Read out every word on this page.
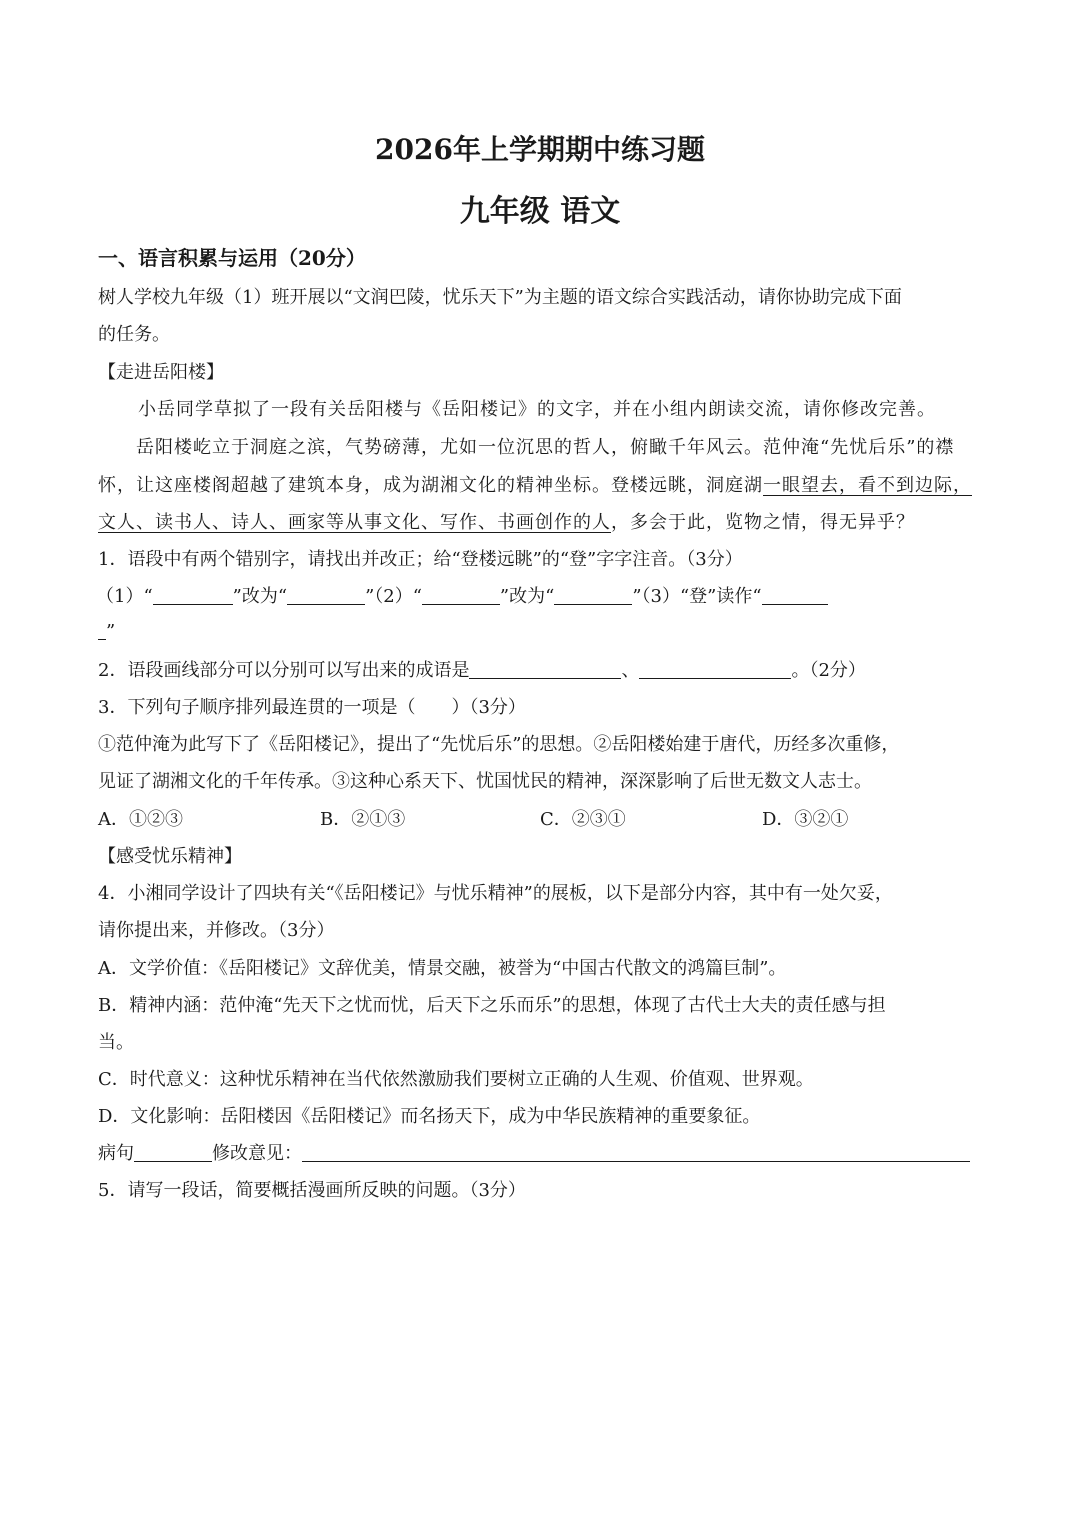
2026年上学期期中练习题
九年级 语文
一、语言积累与运用（20分）
树人学校九年级（1）班开展以“文润巴陵，忧乐天下”为主题的语文综合实践活动，请你协助完成下面
的任务。
【走进岳阳楼】
小岳同学草拟了一段有关岳阳楼与《岳阳楼记》的文字，并在小组内朗读交流，请你修改完善。
岳阳楼屹立于洞庭之滨，气势磅薄，尤如一位沉思的哲人，俯瞰千年风云。范仲淹“先忧后乐”的襟
怀，让这座楼阁超越了建筑本身，成为湖湘文化的精神坐标。登楼远眺，洞庭湖一眼望去，看不到边际，
文人、读书人、诗人、画家等从事文化、写作、书画创作的人，多会于此，览物之情，得无异乎？
1．语段中有两个错别字，请找出并改正；给“登楼远眺”的“登”字字注音。（3分）
（1）“	”改为“	”（2）“	”改为“	”（3）“登”读作“
”
2．语段画线部分可以分别可以写出来的成语是	、	。（2分）
3．下列句子顺序排列最连贯的一项是（　　）（3分）
①范仲淹为此写下了《岳阳楼记》，提出了“先忧后乐”的思想。②岳阳楼始建于唐代，历经多次重修，
见证了湖湘文化的千年传承。③这种心系天下、忧国忧民的精神，深深影响了后世无数文人志士。
A．①②③	B．②①③	C．②③①	D．③②①
【感受忧乐精神】
4．小湘同学设计了四块有关“《岳阳楼记》与忧乐精神”的展板，以下是部分内容，其中有一处欠妥，
请你提出来，并修改。（3分）
A．文学价值：《岳阳楼记》文辞优美，情景交融，被誉为“中国古代散文的鸿篇巨制”。
B．精神内涵：范仲淹“先天下之忧而忧，后天下之乐而乐”的思想，体现了古代士大夫的责任感与担
当。
C．时代意义：这种忧乐精神在当代依然激励我们要树立正确的人生观、价值观、世界观。
D．文化影响：岳阳楼因《岳阳楼记》而名扬天下，成为中华民族精神的重要象征。
病句	修改意见：
5．请写一段话，简要概括漫画所反映的问题。（3分）
